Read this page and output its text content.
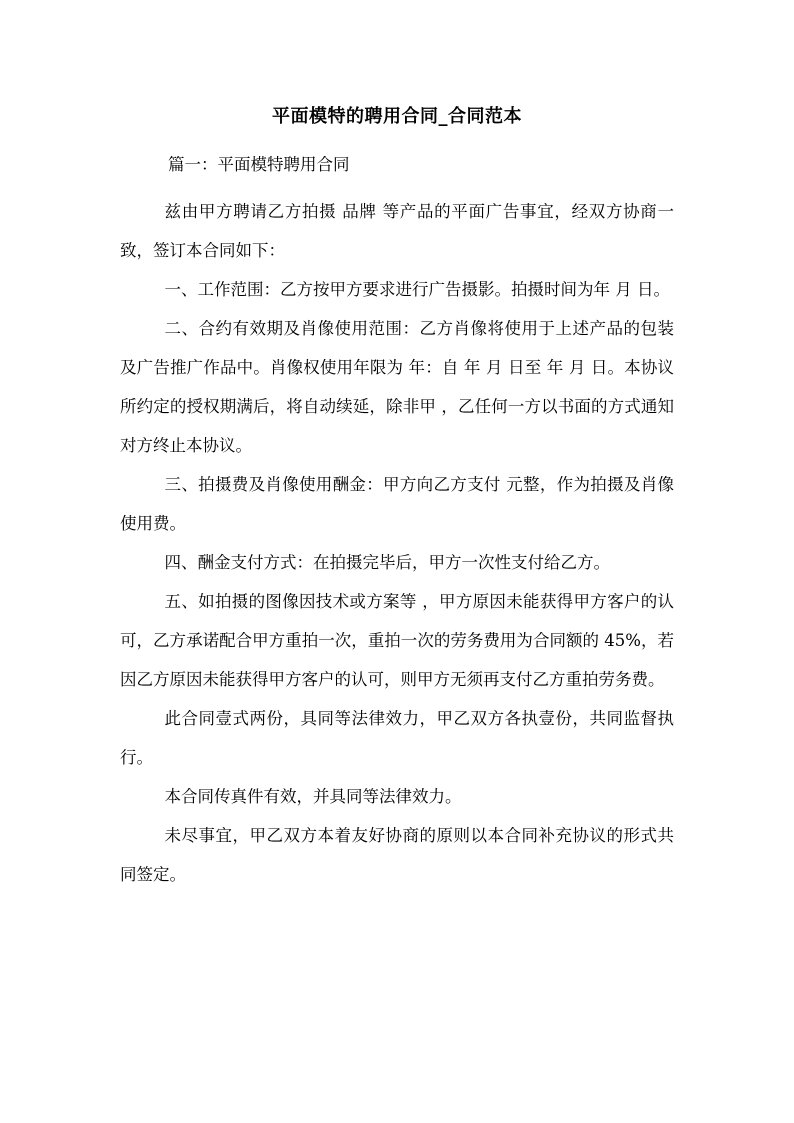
平面模特的聘用合同_合同范本

篇一：平面模特聘用合同

兹由甲方聘请乙方拍摄 品牌 等产品的平面广告事宜，经双方协商一致，签订本合同如下：

一、工作范围：乙方按甲方要求进行广告摄影。拍摄时间为年 月 日。

二、合约有效期及肖像使用范围：乙方肖像将使用于上述产品的包装及广告推广作品中。肖像权使用年限为 年：自 年 月 日至 年 月 日。本协议所约定的授权期满后，将自动续延，除非甲 ，乙任何一方以书面的方式通知对方终止本协议。

三、拍摄费及肖像使用酬金：甲方向乙方支付 元整，作为拍摄及肖像使用费。

四、酬金支付方式：在拍摄完毕后，甲方一次性支付给乙方。

五、如拍摄的图像因技术或方案等 ，甲方原因未能获得甲方客户的认可，乙方承诺配合甲方重拍一次，重拍一次的劳务费用为合同额的 45%，若因乙方原因未能获得甲方客户的认可，则甲方无须再支付乙方重拍劳务费。

此合同壹式两份，具同等法律效力，甲乙双方各执壹份，共同监督执行。

本合同传真件有效，并具同等法律效力。

未尽事宜，甲乙双方本着友好协商的原则以本合同补充协议的形式共同签定。
